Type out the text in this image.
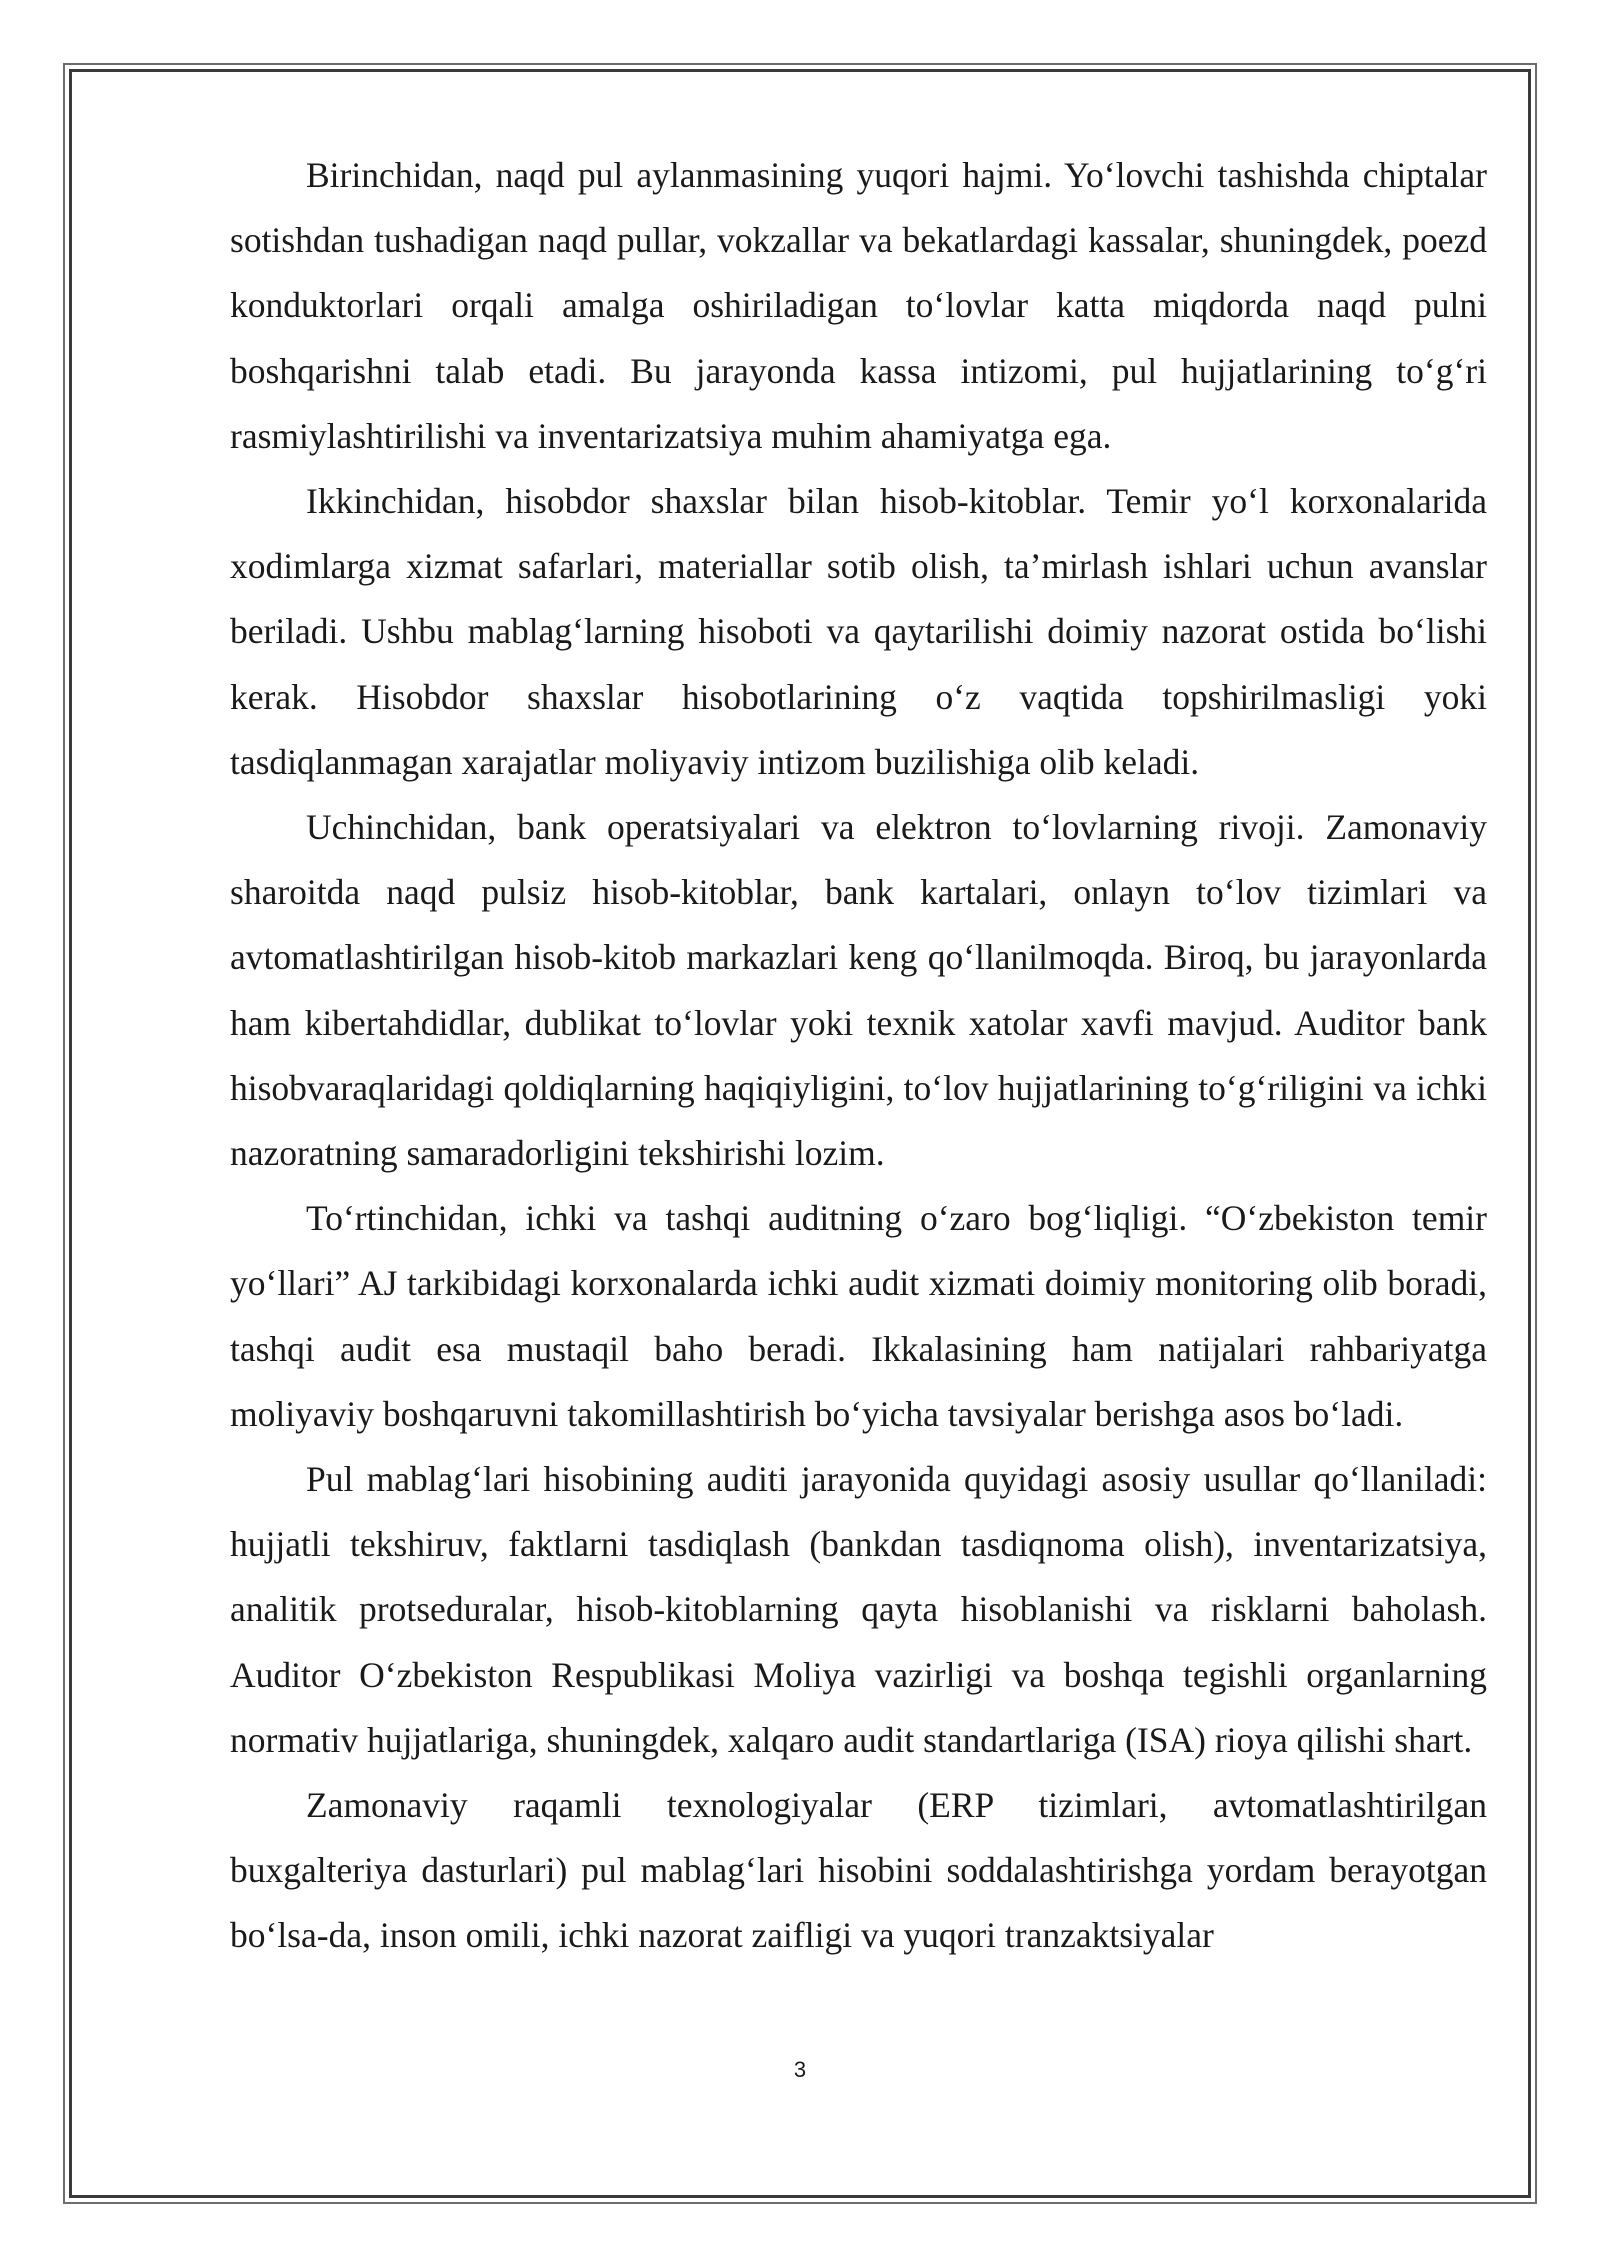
Birinchidan, naqd pul aylanmasining yuqori hajmi. Yo‘lovchi tashishda chiptalar sotishdan tushadigan naqd pullar, vokzallar va bekatlardagi kassalar, shuningdek, poezd konduktorlari orqali amalga oshiriladigan to‘lovlar katta miqdorda naqd pulni boshqarishni talab etadi. Bu jarayonda kassa intizomi, pul hujjatlarining to‘g‘ri rasmiylashtirilishi va inventarizatsiya muhim ahamiyatga ega.

Ikkinchidan, hisobdor shaxslar bilan hisob-kitoblar. Temir yo‘l korxonalarida xodimlarga xizmat safarlari, materiallar sotib olish, ta’mirlash ishlari uchun avanslar beriladi. Ushbu mablag‘larning hisoboti va qaytarilishi doimiy nazorat ostida bo‘lishi kerak. Hisobdor shaxslar hisobotlarining o‘z vaqtida topshirilmasligi yoki tasdiqlanmagan xarajatlar moliyaviy intizom buzilishiga olib keladi.

Uchinchidan, bank operatsiyalari va elektron to‘lovlarning rivoji. Zamonaviy sharoitda naqd pulsiz hisob-kitoblar, bank kartalari, onlayn to‘lov tizimlari va avtomatlashtirilgan hisob-kitob markazlari keng qo‘llanilmoqda. Biroq, bu jarayonlarda ham kibertahdidlar, dublikat to‘lovlar yoki texnik xatolar xavfi mavjud. Auditor bank hisobvaraqlaridagi qoldiqlarning haqiqiyligini, to‘lov hujjatlarining to‘g‘riligini va ichki nazoratning samaradorligini tekshirishi lozim.

To‘rtinchidan, ichki va tashqi auditning o‘zaro bog‘liqligi. “O‘zbekiston temir yo‘llari” AJ tarkibidagi korxonalarda ichki audit xizmati doimiy monitoring olib boradi, tashqi audit esa mustaqil baho beradi. Ikkalasining ham natijalari rahbariyatga moliyaviy boshqaruvni takomillashtirish bo‘yicha tavsiyalar berishga asos bo‘ladi.

Pul mablag‘lari hisobining auditi jarayonida quyidagi asosiy usullar qo‘llaniladi: hujjatli tekshiruv, faktlarni tasdiqlash (bankdan tasdiqnoma olish), inventarizatsiya, analitik protseduralar, hisob-kitoblarning qayta hisoblanishi va risklarni baholash. Auditor O‘zbekiston Respublikasi Moliya vazirligi va boshqa tegishli organlarning normativ hujjatlariga, shuningdek, xalqaro audit standartlariga (ISA) rioya qilishi shart.

Zamonaviy raqamli texnologiyalar (ERP tizimlari, avtomatlashtirilgan buxgalteriya dasturlari) pul mablag‘lari hisobini soddalashtirishga yordam berayotgan bo‘lsa-da, inson omili, ichki nazorat zaifligi va yuqori tranzaktsiyalar

3
